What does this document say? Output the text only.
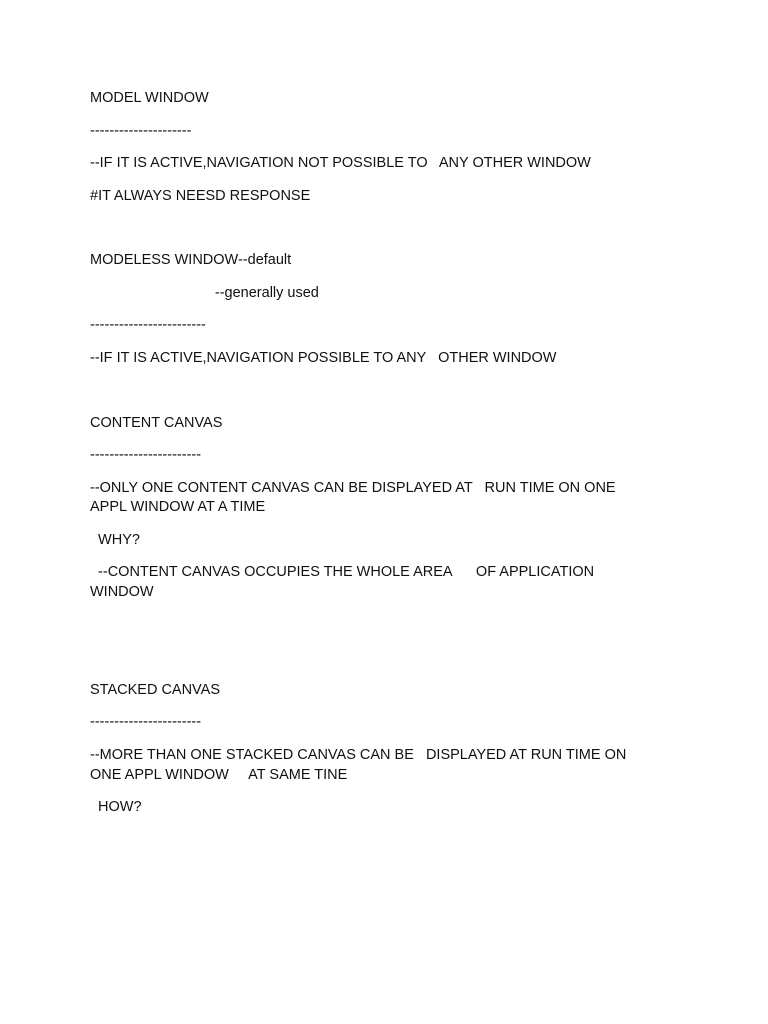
MODEL WINDOW

---------------------

--IF IT IS ACTIVE,NAVIGATION NOT POSSIBLE TO   ANY OTHER WINDOW

#IT ALWAYS NEESD RESPONSE

MODELESS WINDOW--default

--generally used

------------------------

--IF IT IS ACTIVE,NAVIGATION POSSIBLE TO ANY   OTHER WINDOW

CONTENT CANVAS

-----------------------

--ONLY ONE CONTENT CANVAS CAN BE DISPLAYED AT   RUN TIME ON ONE

APPL WINDOW AT A TIME

WHY?

--CONTENT CANVAS OCCUPIES THE WHOLE AREA      OF APPLICATION

WINDOW

STACKED CANVAS

-----------------------

--MORE THAN ONE STACKED CANVAS CAN BE   DISPLAYED AT RUN TIME ON

ONE APPL WINDOW     AT SAME TINE

HOW?
